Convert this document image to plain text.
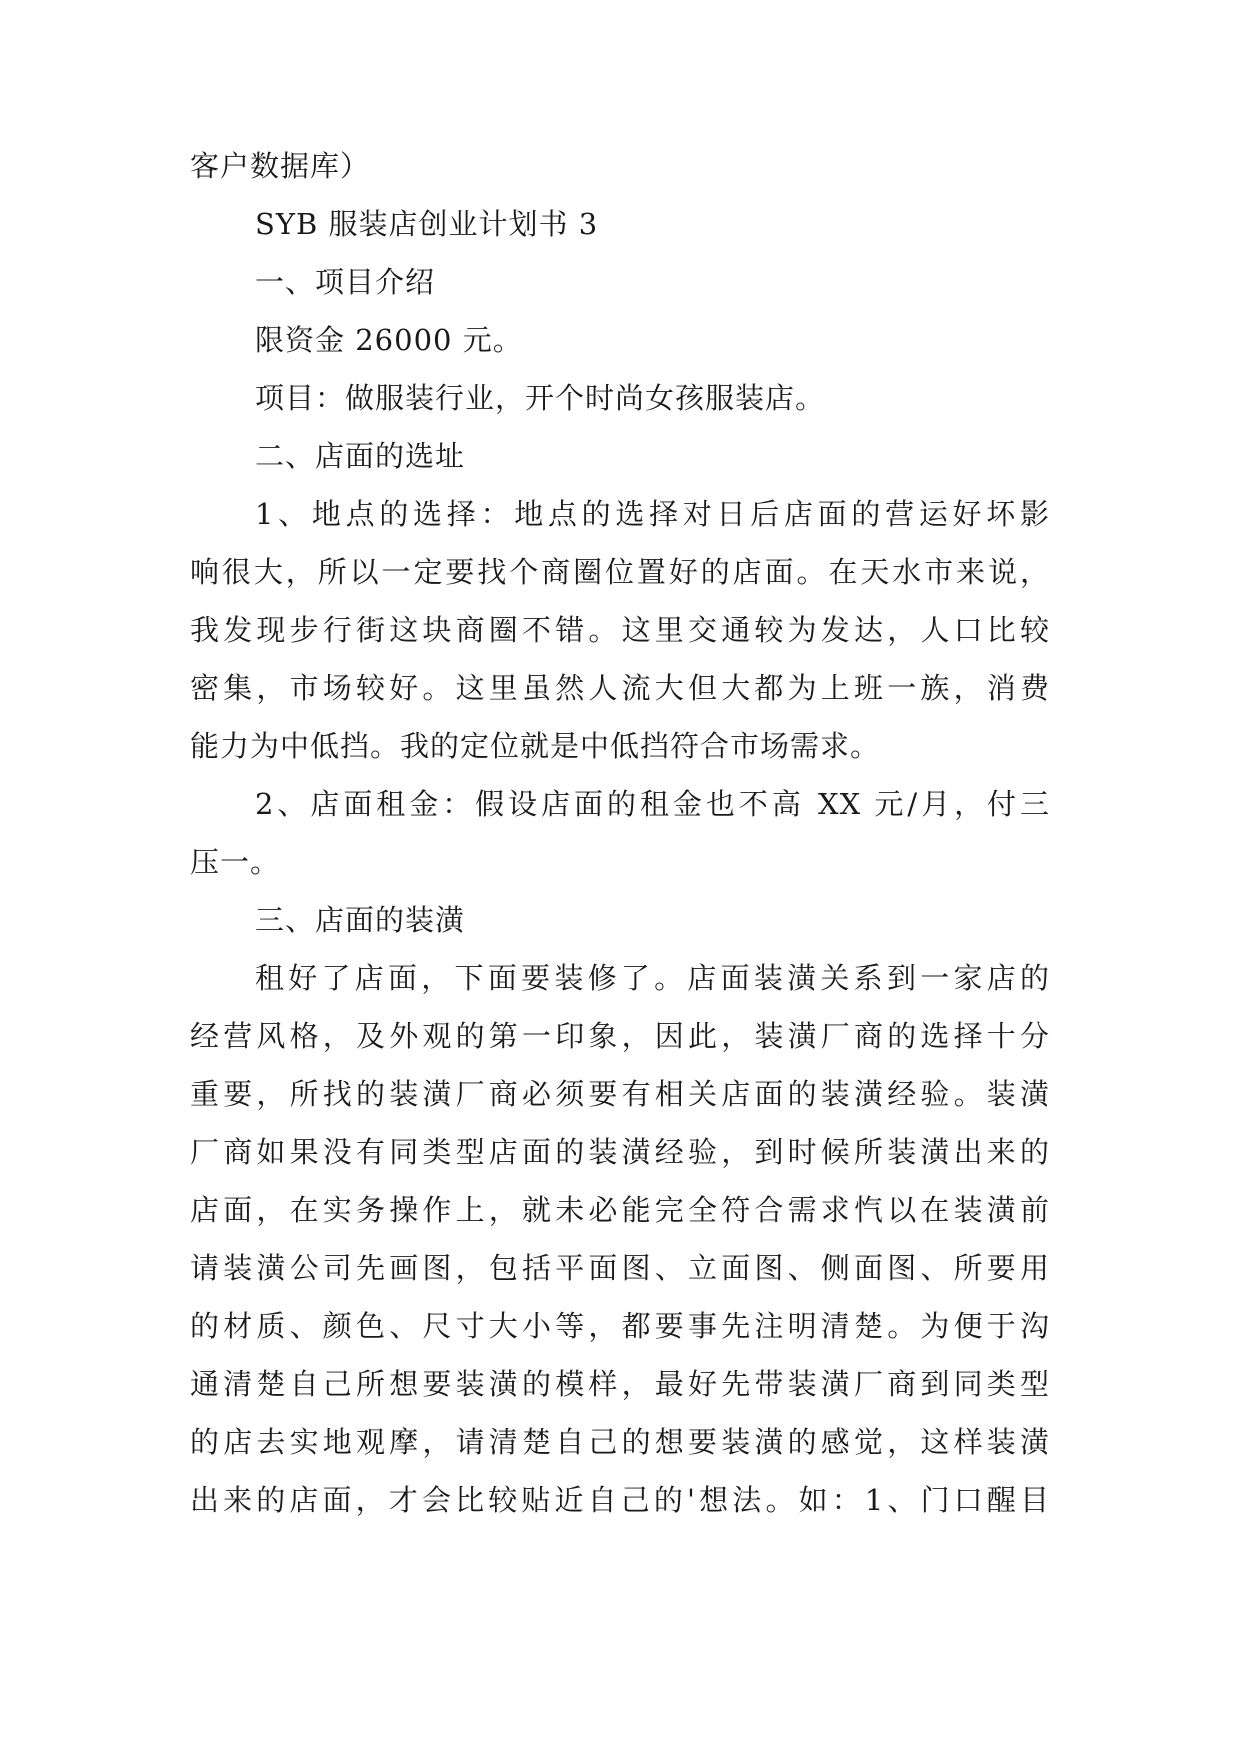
客户数据库）
SYB 服装店创业计划书 3
一、项目介绍
限资金 26000 元。
项目：做服装行业，开个时尚女孩服装店。
二、店面的选址
1、地点的选择：地点的选择对日后店面的营运好坏影
响很大，所以一定要找个商圈位置好的店面。在天水市来说，
我发现步行街这块商圈不错。这里交通较为发达，人口比较
密集，市场较好。这里虽然人流大但大都为上班一族，消费
能力为中低挡。我的定位就是中低挡符合市场需求。
2、店面租金：假设店面的租金也不高 XX 元/月，付三
压一。
三、店面的装潢
租好了店面，下面要装修了。店面装潢关系到一家店的
经营风格，及外观的第一印象，因此，装潢厂商的选择十分
重要，所找的装潢厂商必须要有相关店面的装潢经验。装潢
厂商如果没有同类型店面的装潢经验，到时候所装潢出来的
店面，在实务操作上，就未必能完全符合需求忾以在装潢前
请装潢公司先画图，包括平面图、立面图、侧面图、所要用
的材质、颜色、尺寸大小等，都要事先注明清楚。为便于沟
通清楚自己所想要装潢的模样，最好先带装潢厂商到同类型
的店去实地观摩，请清楚自己的想要装潢的感觉，这样装潢
出来的店面，才会比较贴近自己的'想法。如：1、门口醒目
